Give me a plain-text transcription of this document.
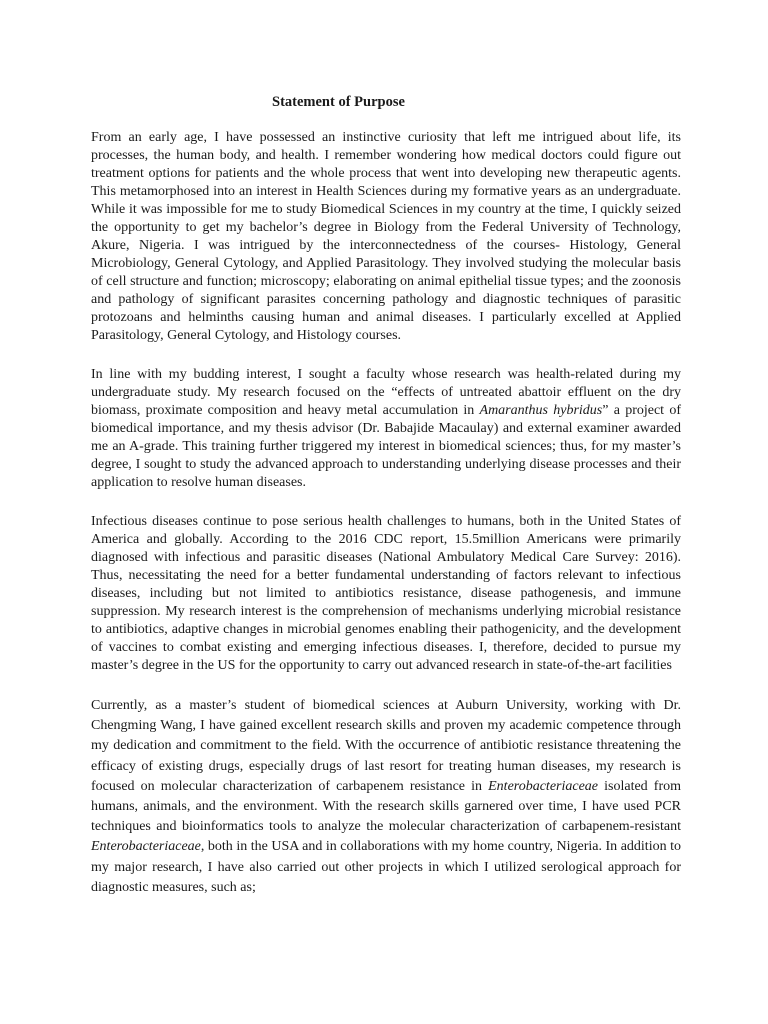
Statement of Purpose

From an early age, I have possessed an instinctive curiosity that left me intrigued about life, its processes, the human body, and health. I remember wondering how medical doctors could figure out treatment options for patients and the whole process that went into developing new therapeutic agents. This metamorphosed into an interest in Health Sciences during my formative years as an undergraduate. While it was impossible for me to study Biomedical Sciences in my country at the time, I quickly seized the opportunity to get my bachelor’s degree in Biology from the Federal University of Technology, Akure, Nigeria. I was intrigued by the interconnectedness of the courses- Histology, General Microbiology, General Cytology, and Applied Parasitology. They involved studying the molecular basis of cell structure and function; microscopy; elaborating on animal epithelial tissue types; and the zoonosis and pathology of significant parasites concerning pathology and diagnostic techniques of parasitic protozoans and helminths causing human and animal diseases. I particularly excelled at Applied Parasitology, General Cytology, and Histology courses.

In line with my budding interest, I sought a faculty whose research was health-related during my undergraduate study. My research focused on the “effects of untreated abattoir effluent on the dry biomass, proximate composition and heavy metal accumulation in Amaranthus hybridus” a project of biomedical importance, and my thesis advisor (Dr. Babajide Macaulay) and external examiner awarded me an A-grade. This training further triggered my interest in biomedical sciences; thus, for my master’s degree, I sought to study the advanced approach to understanding underlying disease processes and their application to resolve human diseases.

Infectious diseases continue to pose serious health challenges to humans, both in the United States of America and globally. According to the 2016 CDC report, 15.5million Americans were primarily diagnosed with infectious and parasitic diseases (National Ambulatory Medical Care Survey: 2016). Thus, necessitating the need for a better fundamental understanding of factors relevant to infectious diseases, including but not limited to antibiotics resistance, disease pathogenesis, and immune suppression. My research interest is the comprehension of mechanisms underlying microbial resistance to antibiotics, adaptive changes in microbial genomes enabling their pathogenicity, and the development of vaccines to combat existing and emerging infectious diseases. I, therefore, decided to pursue my master’s degree in the US for the opportunity to carry out advanced research in state-of-the-art facilities

Currently, as a master’s student of biomedical sciences at Auburn University, working with Dr. Chengming Wang, I have gained excellent research skills and proven my academic competence through my dedication and commitment to the field. With the occurrence of antibiotic resistance threatening the efficacy of existing drugs, especially drugs of last resort for treating human diseases, my research is focused on molecular characterization of carbapenem resistance in Enterobacteriaceae isolated from humans, animals, and the environment. With the research skills garnered over time, I have used PCR techniques and bioinformatics tools to analyze the molecular characterization of carbapenem-resistant Enterobacteriaceae, both in the USA and in collaborations with my home country, Nigeria. In addition to my major research, I have also carried out other projects in which I utilized serological approach for diagnostic measures, such as;
